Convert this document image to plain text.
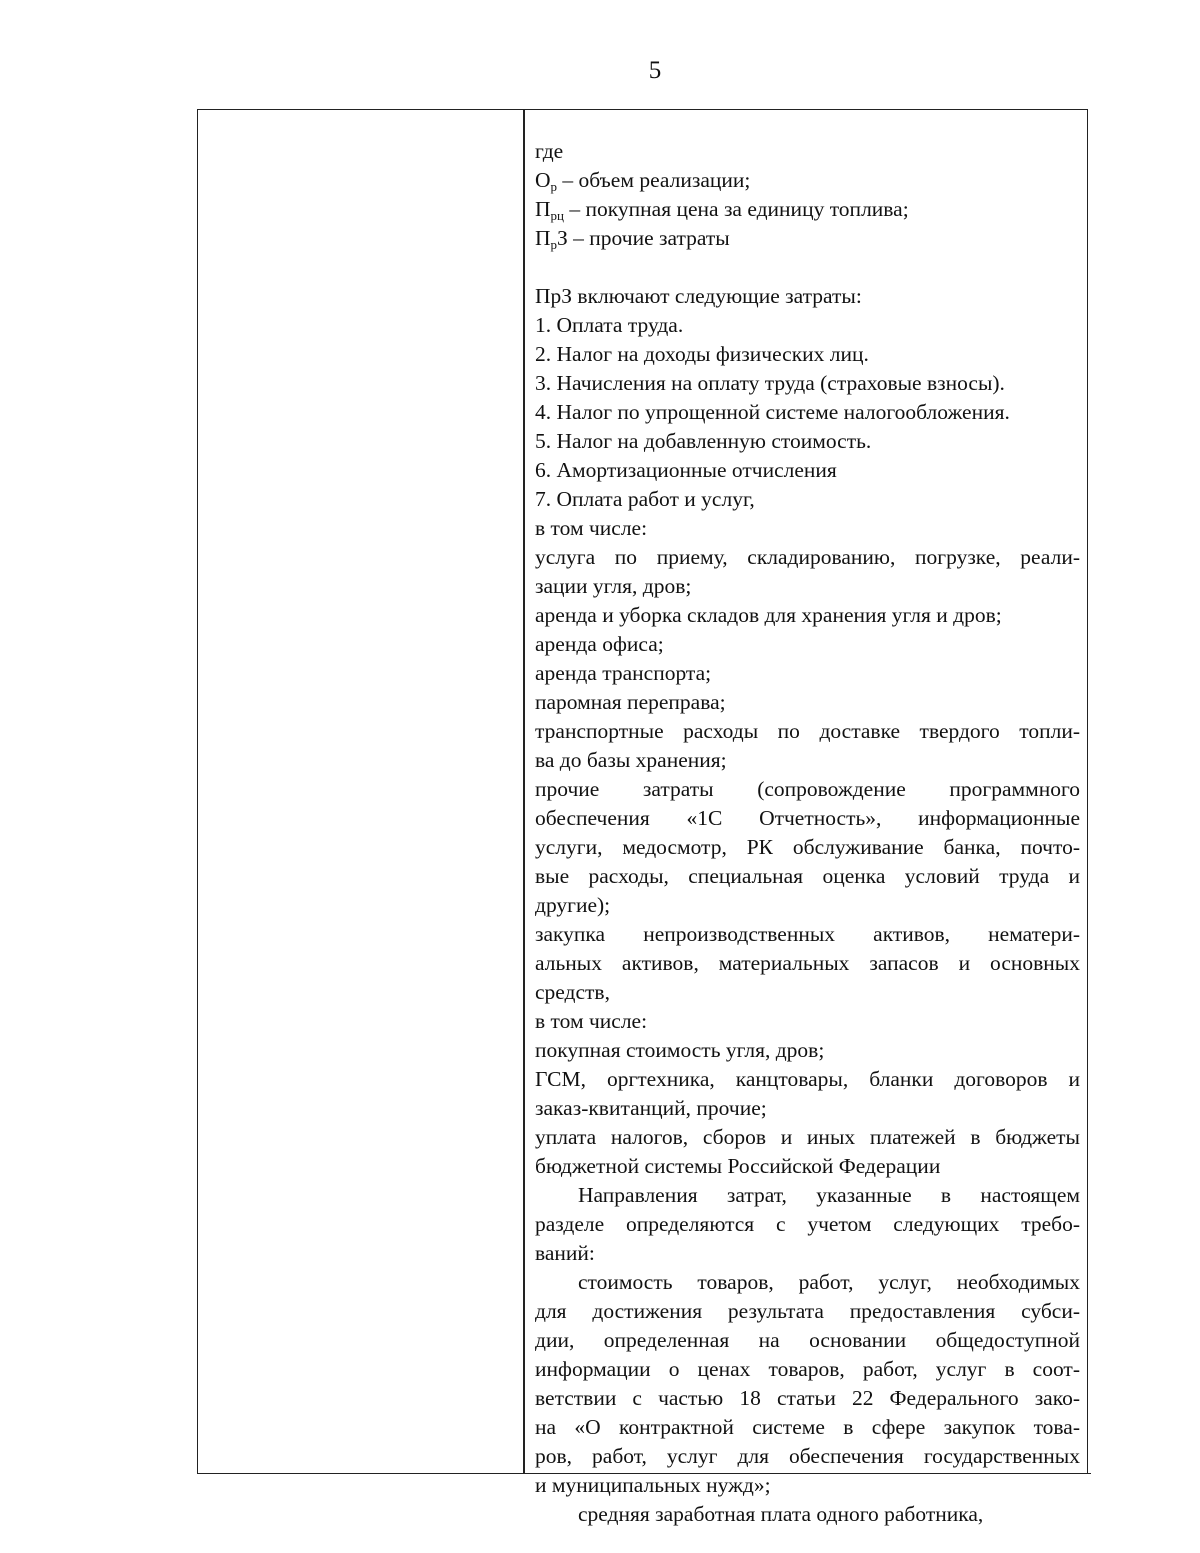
5
где
$О_р$ – объем реализации;
$П_{рц}$ – покупная цена за единицу топлива;
$П_рЗ$ – прочие затраты
ПрЗ включают следующие затраты:
1. Оплата труда.
2. Налог на доходы физических лиц.
3. Начисления на оплату труда (страховые взносы).
4. Налог по упрощенной системе налогообложения.
5. Налог на добавленную стоимость.
6. Амортизационные отчисления
7. Оплата работ и услуг,
в том числе:
услуга по приему, складированию, погрузке, реали-
зации угля, дров;
аренда и уборка складов для хранения угля и дров;
аренда офиса;
аренда транспорта;
паромная переправа;
транспортные расходы по доставке твердого топли-
ва до базы хранения;
прочие затраты (сопровождение программного
обеспечения «1С Отчетность», информационные
услуги, медосмотр, РК обслуживание банка, почто-
вые расходы, специальная оценка условий труда и
другие);
закупка непроизводственных активов, нематери-
альных активов, материальных запасов и основных
средств,
в том числе:
покупная стоимость угля, дров;
ГСМ, оргтехника, канцтовары, бланки договоров и
заказ-квитанций, прочие;
уплата налогов, сборов и иных платежей в бюджеты
бюджетной системы Российской Федерации
Направления затрат, указанные в настоящем
разделе определяются с учетом следующих требо-
ваний:
стоимость товаров, работ, услуг, необходимых
для достижения результата предоставления субси-
дии, определенная на основании общедоступной
информации о ценах товаров, работ, услуг в соот-
ветствии с частью 18 статьи 22 Федерального зако-
на «О контрактной системе в сфере закупок това-
ров, работ, услуг для обеспечения государственных
и муниципальных нужд»;
средняя заработная плата одного работника,
